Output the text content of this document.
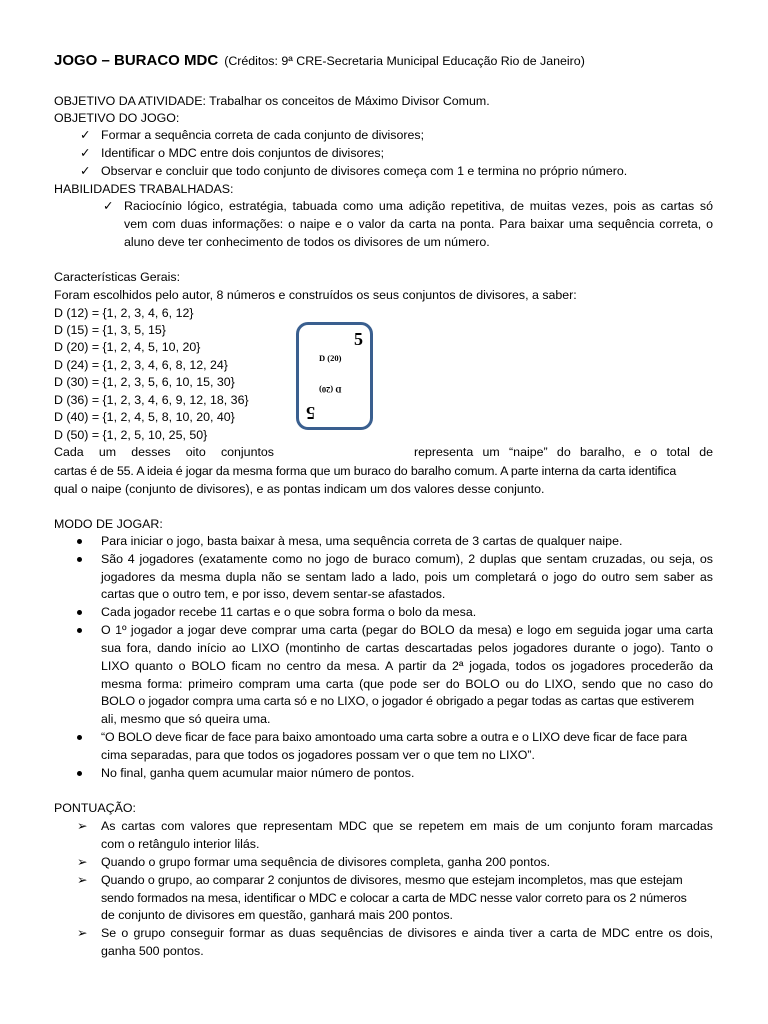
JOGO – BURACO MDC (Créditos: 9ª CRE-Secretaria Municipal Educação Rio de Janeiro)
OBJETIVO DA ATIVIDADE: Trabalhar os conceitos de Máximo Divisor Comum.
OBJETIVO DO JOGO:
✓ Formar a sequência correta de cada conjunto de divisores;
✓ Identificar o MDC entre dois conjuntos de divisores;
✓ Observar e concluir que todo conjunto de divisores começa com 1 e termina no próprio número.
HABILIDADES TRABALHADAS:
✓ Raciocínio lógico, estratégia, tabuada como uma adição repetitiva, de muitas vezes, pois as cartas só
vem com duas informações: o naipe e o valor da carta na ponta. Para baixar uma sequência correta, o
aluno deve ter conhecimento de todos os divisores de um número.
Características Gerais:
Foram escolhidos pelo autor, 8 números e construídos os seus conjuntos de divisores, a saber:
D (12) = {1, 2, 3, 4, 6, 12}
D (15) = {1, 3, 5, 15}
D (20) = {1, 2, 4, 5, 10, 20}
D (24) = {1, 2, 3, 4, 6, 8, 12, 24}
D (30) = {1, 2, 3, 5, 6, 10, 15, 30}
D (36) = {1, 2, 3, 4, 6, 9, 12, 18, 36}
D (40) = {1, 2, 4, 5, 8, 10, 20, 40}
D (50) = {1, 2, 5, 10, 25, 50}
Cada um desses oito conjuntos	representa um “naipe” do baralho, e o total de
cartas é de 55. A ideia é jogar da mesma forma que um buraco do baralho comum. A parte interna da carta identifica
qual o naipe (conjunto de divisores), e as pontas indicam um dos valores desse conjunto.
5
D (20)
D (20)
5
MODO DE JOGAR:
Para iniciar o jogo, basta baixar à mesa, uma sequência correta de 3 cartas de qualquer naipe.
São 4 jogadores (exatamente como no jogo de buraco comum), 2 duplas que sentam cruzadas, ou seja, os
jogadores da mesma dupla não se sentam lado a lado, pois um completará o jogo do outro sem saber as
cartas que o outro tem, e por isso, devem sentar-se afastados.
Cada jogador recebe 11 cartas e o que sobra forma o bolo da mesa.
O 1º jogador a jogar deve comprar uma carta (pegar do BOLO da mesa) e logo em seguida jogar uma carta
sua fora, dando início ao LIXO (montinho de cartas descartadas pelos jogadores durante o jogo). Tanto o
LIXO quanto o BOLO ficam no centro da mesa. A partir da 2ª jogada, todos os jogadores procederão da
mesma forma: primeiro compram uma carta (que pode ser do BOLO ou do LIXO, sendo que no caso do
BOLO o jogador compra uma carta só e no LIXO, o jogador é obrigado a pegar todas as cartas que estiverem
ali, mesmo que só queira uma.
“O BOLO deve ficar de face para baixo amontoado uma carta sobre a outra e o LIXO deve ficar de face para
cima separadas, para que todos os jogadores possam ver o que tem no LIXO”.
No final, ganha quem acumular maior número de pontos.
PONTUAÇÃO:
➢ As cartas com valores que representam MDC que se repetem em mais de um conjunto foram marcadas
com o retângulo interior lilás.
➢ Quando o grupo formar uma sequência de divisores completa, ganha 200 pontos.
➢ Quando o grupo, ao comparar 2 conjuntos de divisores, mesmo que estejam incompletos, mas que estejam
sendo formados na mesa, identificar o MDC e colocar a carta de MDC nesse valor correto para os 2 números
de conjunto de divisores em questão, ganhará mais 200 pontos.
➢ Se o grupo conseguir formar as duas sequências de divisores e ainda tiver a carta de MDC entre os dois,
ganha 500 pontos.
